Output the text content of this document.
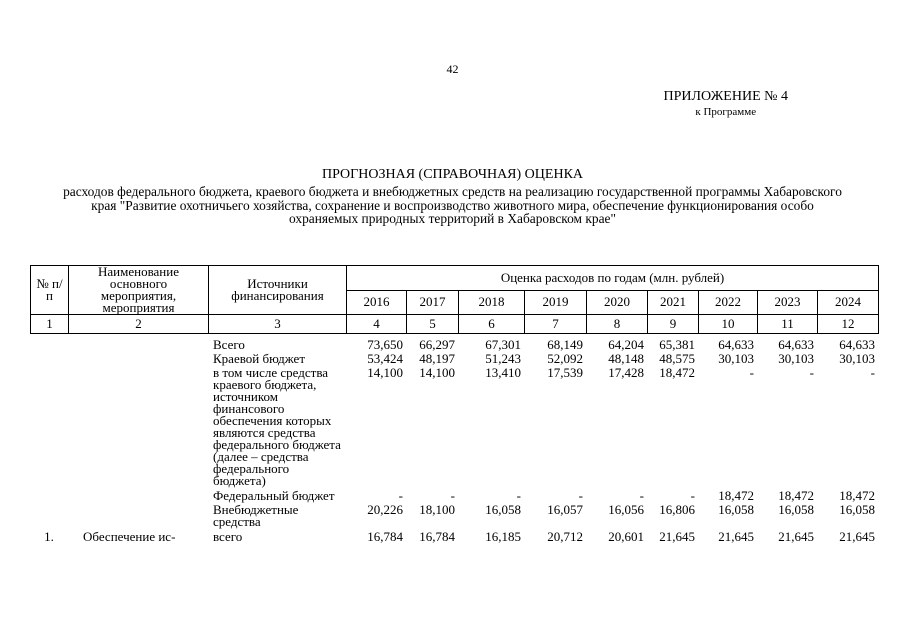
42
ПРИЛОЖЕНИЕ № 4
к Программе
ПРОГНОЗНАЯ (СПРАВОЧНАЯ) ОЦЕНКА
расходов федерального бюджета, краевого бюджета и внебюджетных средств на реализацию государственной программы Хабаровского края "Развитие охотничьего хозяйства, сохранение и воспроизводство животного мира, обеспечение функционирования особо охраняемых природных территорий в Хабаровском крае"
№ п/п	Наименование основного мероприятия, мероприятия	Источники финансирования	Оценка расходов по годам (млн. рублей)								
			2016	2017	2018	2019	2020	2021	2022	2023	2024
1	2	3	4	5	6	7	8	9	10	11	12
		Всего	73,650	66,297	67,301	68,149	64,204	65,381	64,633	64,633	64,633
		Краевой бюджет	53,424	48,197	51,243	52,092	48,148	48,575	30,103	30,103	30,103
		в том числе средства краевого бюджета, источником финансового обеспечения которых являются средства федерального бюджета (далее – средства федерального бюджета)	14,100	14,100	13,410	17,539	17,428	18,472	-	-	-
		Федеральный бюджет	-	-	-	-	-	-	18,472	18,472	18,472
		Внебюджетные средства	20,226	18,100	16,058	16,057	16,056	16,806	16,058	16,058	16,058
1.	Обеспечение ис-	всего	16,784	16,784	16,185	20,712	20,601	21,645	21,645	21,645	21,645
